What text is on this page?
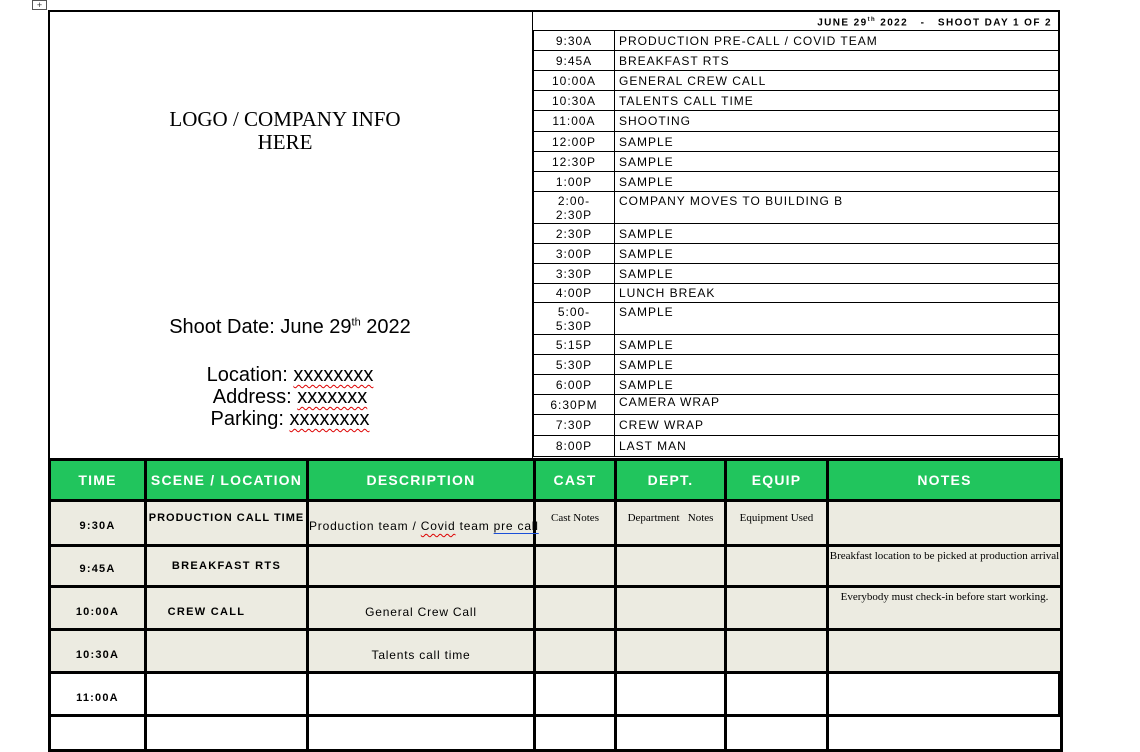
+
LOGO / COMPANY INFO
HERE
Shoot Date: June 29th 2022
Location: xxxxxxxx
Address: xxxxxxx
Parking: xxxxxxxx
JUNE 29th 2022   -   SHOOT DAY 1 OF 2
9:30A	PRODUCTION PRE-CALL / COVID TEAM
9:45A	BREAKFAST RTS
10:00A	GENERAL CREW CALL
10:30A	TALENTS CALL TIME
11:00A	SHOOTING
12:00P	SAMPLE
12:30P	SAMPLE
1:00P	SAMPLE

2:00-
2:30P	COMPANY MOVES TO BUILDING B
2:30P	SAMPLE
3:00P	SAMPLE
3:30P	SAMPLE
4:00P	LUNCH BREAK

5:00-
5:30P	SAMPLE
5:15P	SAMPLE
5:30P	SAMPLE
6:00P	SAMPLE
6:30PM	CAMERA WRAP
7:30P	CREW WRAP
8:00P	LAST MAN
TIME	SCENE / LOCATION	DESCRIPTION	CAST	DEPT.	EQUIP	NOTES
9:30A	PRODUCTION CALL TIME	Production team / Covid team pre call	Cast Notes	Department   Notes	Equipment Used	
9:45A	BREAKFAST RTS					Breakfast location to be picked at production arrival
10:00A	CREW CALL	General Crew Call				Everybody must check-in before start working.
10:30A		Talents call time				
11:00A						
